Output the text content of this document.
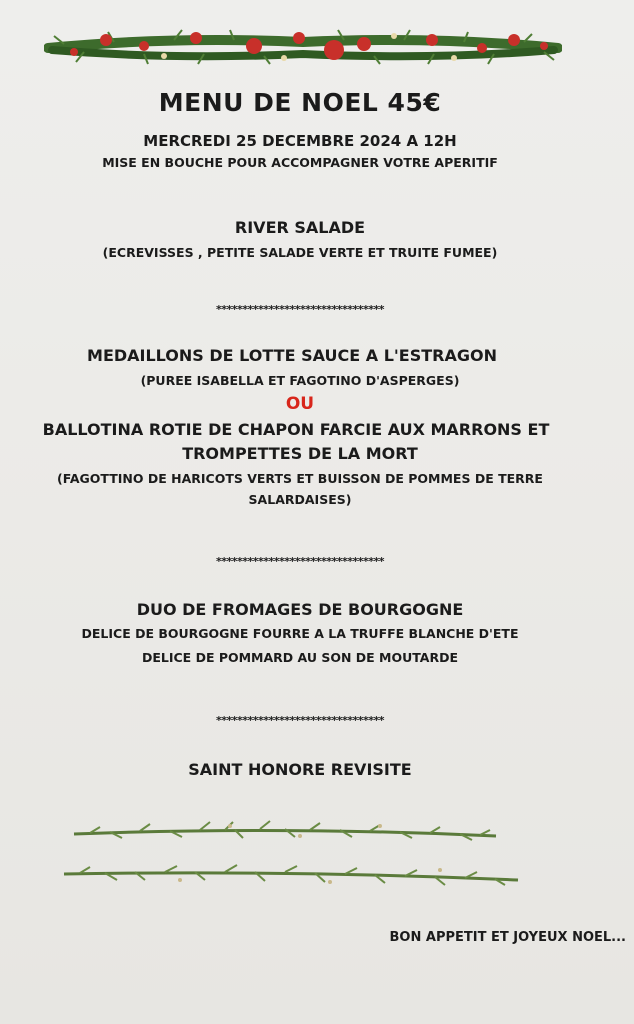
MENU DE NOEL 45€
MERCREDI 25 DECEMBRE 2024 A 12H
MISE EN BOUCHE POUR ACCOMPAGNER VOTRE APERITIF
RIVER SALADE
(ECREVISSES , PETITE SALADE VERTE ET TRUITE FUMEE)
********************************
MEDAILLONS DE LOTTE SAUCE A L'ESTRAGON
(PUREE ISABELLA ET FAGOTINO D'ASPERGES)
OU
BALLOTINA ROTIE DE CHAPON FARCIE AUX MARRONS ET
TROMPETTES DE LA MORT
(FAGOTTINO DE HARICOTS VERTS ET BUISSON DE POMMES DE TERRE
SALARDAISES)
********************************
DUO DE FROMAGES DE BOURGOGNE
DELICE DE BOURGOGNE FOURRE A LA TRUFFE BLANCHE D'ETE
DELICE DE POMMARD AU SON DE MOUTARDE
********************************
SAINT HONORE REVISITE
BON APPETIT ET JOYEUX NOEL...
